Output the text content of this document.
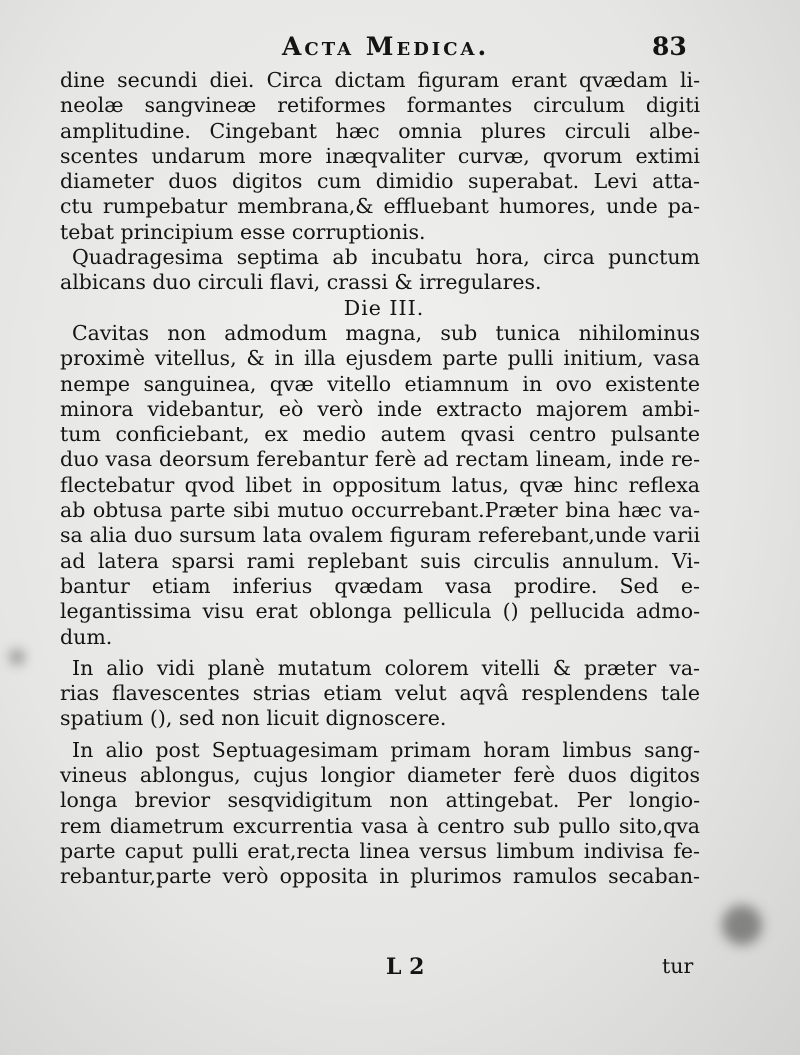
Acta Medica.	83
dine secundi diei. Circa dictam figuram erant qvædam li-
neolæ sangvineæ retiformes formantes circulum digiti
amplitudine. Cingebant hæc omnia plures circuli albe-
scentes undarum more inæqvaliter curvæ, qvorum extimi
diameter duos digitos cum dimidio superabat. Levi atta-
ctu rumpebatur membrana,& effluebant humores, unde pa-
tebat principium esse corruptionis.
Quadragesima septima ab incubatu hora, circa punctum
albicans duo circuli flavi, crassi & irregulares.
Die III.
Cavitas non admodum magna, sub tunica nihilominus
proximè vitellus, & in illa ejusdem parte pulli initium, vasa
nempe sanguinea, qvæ vitello etiamnum in ovo existente
minora videbantur, eò verò inde extracto majorem ambi-
tum conficiebant, ex medio autem qvasi centro pulsante
duo vasa deorsum ferebantur ferè ad rectam lineam, inde re-
flectebatur qvod libet in oppositum latus, qvæ hinc reflexa
ab obtusa parte sibi mutuo occurrebant.Præter bina hæc va-
sa alia duo sursum lata ovalem figuram referebant,unde varii
ad latera sparsi rami replebant suis circulis annulum. Vi-
bantur etiam inferius qvædam vasa prodire. Sed e-
legantissima visu erat oblonga pellicula () pellucida admo-
dum.
In alio vidi planè mutatum colorem vitelli & præter va-
rias flavescentes strias etiam velut aqvâ resplendens tale
spatium (), sed non licuit dignoscere.
In alio post Septuagesimam primam horam limbus sang-
vineus ablongus, cujus longior diameter ferè duos digitos
longa brevior sesqvidigitum non attingebat. Per longio-
rem diametrum excurrentia vasa à centro sub pullo sito,qva
parte caput pulli erat,recta linea versus limbum indivisa fe-
rebantur,parte verò opposita in plurimos ramulos secaban-
L 2	tur
